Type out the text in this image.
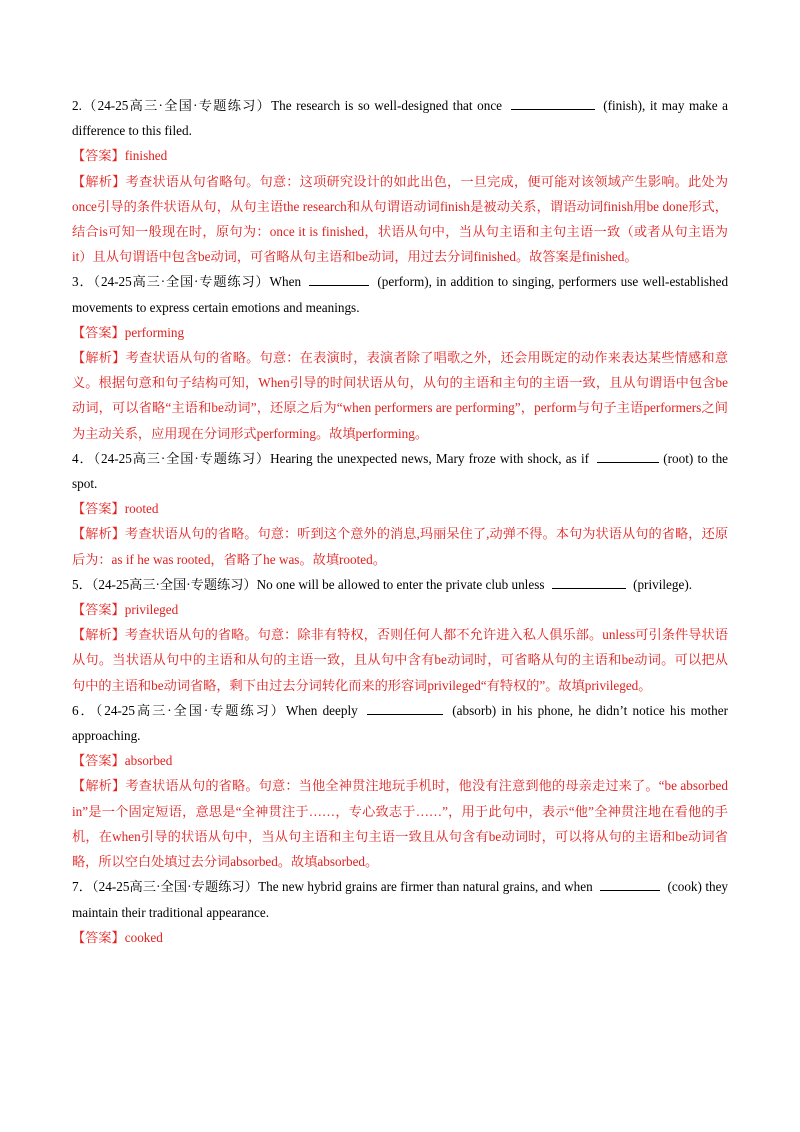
2.（24-25高三·全国·专题练习）The research is so well-designed that once	(finish), it may make a difference to this filed.

【答案】finished

【解析】考查状语从句省略句。句意：这项研究设计的如此出色，一旦完成，便可能对该领域产生影响。此处为once引导的条件状语从句，从句主语the research和从句谓语动词finish是被动关系，谓语动词finish用be done形式，结合is可知一般现在时，原句为：once it is finished，状语从句中，当从句主语和主句主语一致（或者从句主语为it）且从句谓语中包含be动词，可省略从句主语和be动词，用过去分词finished。故答案是finished。

3．（24-25高三·全国·专题练习）When	(perform), in addition to singing, performers use well-established movements to express certain emotions and meanings.

【答案】performing

【解析】考查状语从句的省略。句意：在表演时，表演者除了唱歌之外，还会用既定的动作来表达某些情感和意义。根据句意和句子结构可知，When引导的时间状语从句，从句的主语和主句的主语一致，且从句谓语中包含be动词，可以省略“主语和be动词”，还原之后为“when performers are performing”，perform与句子主语performers之间为主动关系，应用现在分词形式performing。故填performing。

4．（24-25高三·全国·专题练习）Hearing the unexpected news, Mary froze with shock, as if	(root) to the spot.

【答案】rooted

【解析】考查状语从句的省略。句意：听到这个意外的消息,玛丽呆住了,动弹不得。本句为状语从句的省略，还原后为：as if he was rooted，省略了he was。故填rooted。

5．（24-25高三·全国·专题练习）No one will be allowed to enter the private club unless	(privilege).

【答案】privileged

【解析】考查状语从句的省略。句意：除非有特权，否则任何人都不允许进入私人俱乐部。unless可引条件导状语从句。当状语从句中的主语和从句的主语一致，且从句中含有be动词时，可省略从句的主语和be动词。可以把从句中的主语和be动词省略，剩下由过去分词转化而来的形容词privileged“有特权的”。故填privileged。

6．（24-25高三·全国·专题练习）When deeply	(absorb) in his phone, he didn’t notice his mother approaching.

【答案】absorbed

【解析】考查状语从句的省略。句意：当他全神贯注地玩手机时，他没有注意到他的母亲走过来了。“be absorbed in”是一个固定短语，意思是“全神贯注于……，专心致志于……”，用于此句中，表示“他”全神贯注地在看他的手机，在when引导的状语从句中，当从句主语和主句主语一致且从句含有be动词时，可以将从句的主语和be动词省略，所以空白处填过去分词absorbed。故填absorbed。

7．（24-25高三·全国·专题练习）The new hybrid grains are firmer than natural grains, and when	(cook) they maintain their traditional appearance.

【答案】cooked
